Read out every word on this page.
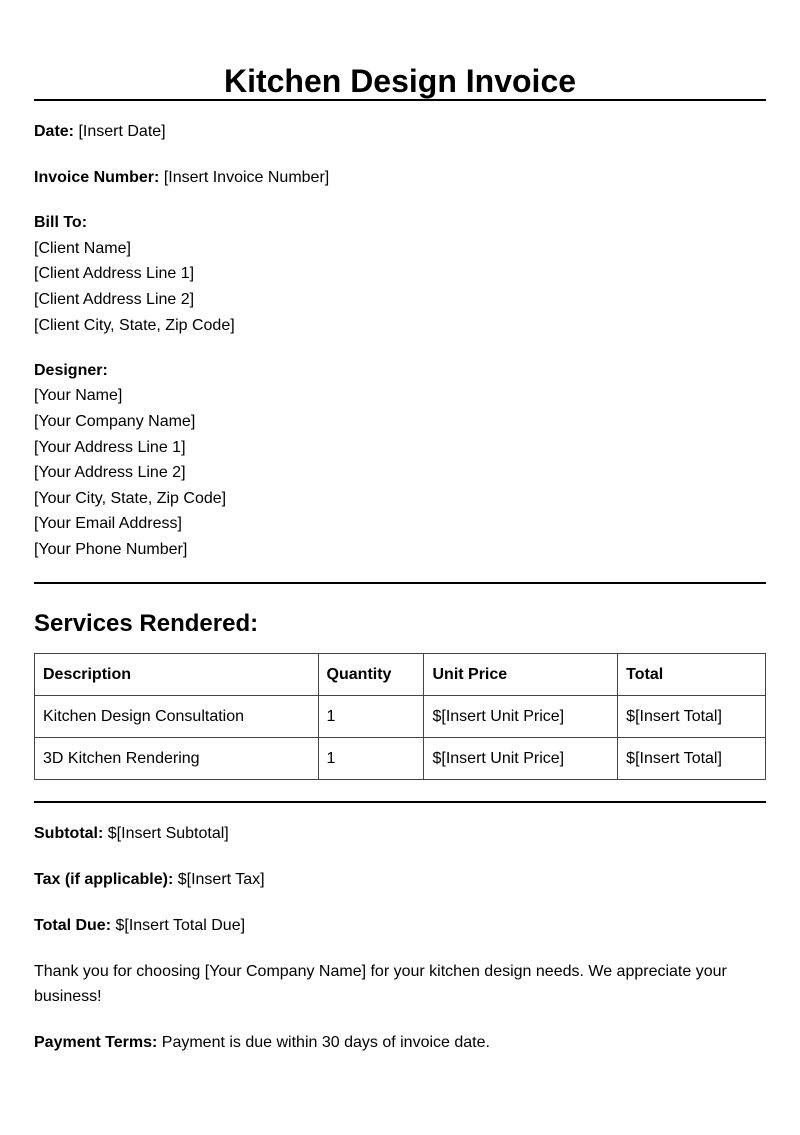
Kitchen Design Invoice

Date: [Insert Date]

Invoice Number: [Insert Invoice Number]

Bill To:

[Client Name]

[Client Address Line 1]

[Client Address Line 2]

[Client City, State, Zip Code]

Designer:

[Your Name]

[Your Company Name]

[Your Address Line 1]

[Your Address Line 2]

[Your City, State, Zip Code]

[Your Email Address]

[Your Phone Number]

Services Rendered:
Description	Quantity	Unit Price	Total
Kitchen Design Consultation	1	$[Insert Unit Price]	$[Insert Total]
3D Kitchen Rendering	1	$[Insert Unit Price]	$[Insert Total]

Subtotal: $[Insert Subtotal]

Tax (if applicable): $[Insert Tax]

Total Due: $[Insert Total Due]

Thank you for choosing [Your Company Name] for your kitchen design needs. We appreciate your business!

Payment Terms: Payment is due within 30 days of invoice date.
